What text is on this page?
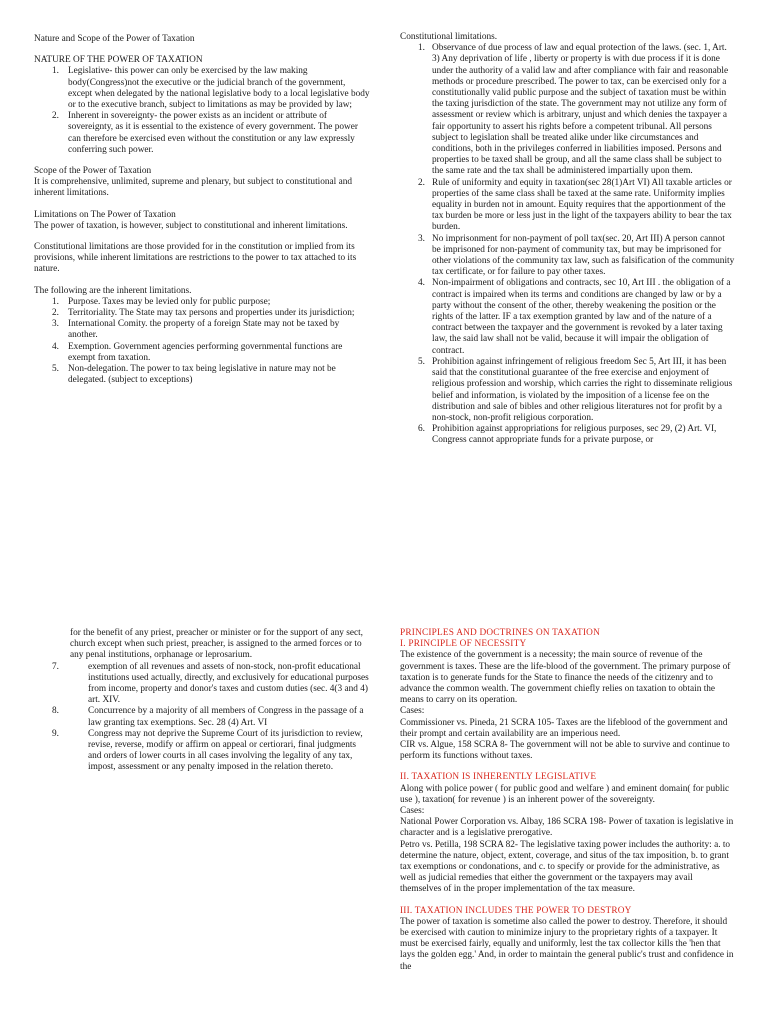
Nature and Scope of the Power of Taxation

NATURE OF THE POWER OF TAXATION

1. Legislative- this power can only be exercised by the law making body(Congress)not the executive or the judicial branch of the government, except when delegated by the national legislative body to a local legislative body or to the executive branch, subject to limitations as may be provided by law;
2. Inherent in sovereignty- the power exists as an incident or attribute of sovereignty, as it is essential to the existence of every government. The power can therefore be exercised even without the constitution or any law expressly conferring such power.

Scope of the Power of Taxation

It is comprehensive, unlimited, supreme and plenary, but subject to constitutional and inherent limitations.

Limitations on The Power of Taxation

The power of taxation, is however, subject to constitutional and inherent limitations.

Constitutional limitations are those provided for in the constitution or implied from its provisions, while inherent limitations are restrictions to the power to tax attached to its nature.

The following are the inherent limitations.

1. Purpose. Taxes may be levied only for public purpose;
2. Territoriality. The State may tax persons and properties under its jurisdiction;
3. International Comity. the property of a foreign State may not be taxed by another.
4. Exemption. Government agencies performing governmental functions are exempt from taxation.
5. Non-delegation. The power to tax being legislative in nature may not be delegated. (subject to exceptions)

Constitutional limitations.

1. Observance of due process of law and equal protection of the laws. (sec. 1, Art. 3) Any deprivation of life , liberty or property is with due process if it is done under the authority of a valid law and after compliance with fair and reasonable methods or procedure prescribed. The power to tax, can be exercised only for a constitutionally valid public purpose and the subject of taxation must be within the taxing jurisdiction of the state. The government may not utilize any form of assessment or review which is arbitrary, unjust and which denies the taxpayer a fair opportunity to assert his rights before a competent tribunal. All persons subject to legislation shall be treated alike under like circumstances and conditions, both in the privileges conferred in liabilities imposed. Persons and properties to be taxed shall be group, and all the same class shall be subject to the same rate and the tax shall be administered impartially upon them.
2. Rule of uniformity and equity in taxation(sec 28(1)Art VI) All taxable articles or properties of the same class shall be taxed at the same rate. Uniformity implies equality in burden not in amount. Equity requires that the apportionment of the tax burden be more or less just in the light of the taxpayers ability to bear the tax burden.
3. No imprisonment for non-payment of poll tax(sec. 20, Art III) A person cannot be imprisoned for non-payment of community tax, but may be imprisoned for other violations of the community tax law, such as falsification of the community tax certificate, or for failure to pay other taxes.
4. Non-impairment of obligations and contracts, sec 10, Art III . the obligation of a contract is impaired when its terms and conditions are changed by law or by a party without the consent of the other, thereby weakening the position or the rights of the latter. IF a tax exemption granted by law and of the nature of a contract between the taxpayer and the government is revoked by a later taxing law, the said law shall not be valid, because it will impair the obligation of contract.
5. Prohibition against infringement of religious freedom Sec 5, Art III, it has been said that the constitutional guarantee of the free exercise and enjoyment of religious profession and worship, which carries the right to disseminate religious belief and information, is violated by the imposition of a license fee on the distribution and sale of bibles and other religious literatures not for profit by a non-stock, non-profit religious corporation.
6. Prohibition against appropriations for religious purposes, sec 29, (2) Art. VI, Congress cannot appropriate funds for a private purpose, or

for the benefit of any priest, preacher or minister or for the support of any sect, church except when such priest, preacher, is assigned to the armed forces or to any penal institutions, orphanage or leprosarium.

7.	exemption of all revenues and assets of non-stock, non-profit educational institutions used actually, directly, and exclusively for educational purposes from income, property and donor's taxes and custom duties (sec. 4(3 and 4) art. XIV.
8.	Concurrence by a majority of all members of Congress in the passage of a law granting tax exemptions. Sec. 28 (4) Art. VI
9.	Congress may not deprive the Supreme Court of its jurisdiction to review, revise, reverse, modify or affirm on appeal or certiorari, final judgments and orders of lower courts in all cases involving the legality of any tax, impost, assessment or any penalty imposed in the relation thereto.

PRINCIPLES AND DOCTRINES ON TAXATION

I. PRINCIPLE OF NECESSITY

The existence of the government is a necessity; the main source of revenue of the government is taxes. These are the life-blood of the government. The primary purpose of taxation is to generate funds for the State to finance the needs of the citizenry and to advance the common wealth. The government chiefly relies on taxation to obtain the means to carry on its operation.

Cases:

Commissioner vs. Pineda, 21 SCRA 105- Taxes are the lifeblood of the government and their prompt and certain availability are an imperious need.

CIR vs. Algue, 158 SCRA 8- The government will not be able to survive and continue to perform its functions without taxes.

II. TAXATION IS INHERENTLY LEGISLATIVE

Along with police power ( for public good and welfare ) and eminent domain( for public use ), taxation( for revenue ) is an inherent power of the sovereignty.

Cases:

National Power Corporation vs. Albay, 186 SCRA 198- Power of taxation is legislative in character and is a legislative prerogative.

Petro vs. Petilla, 198 SCRA 82- The legislative taxing power includes the authority: a. to determine the nature, object, extent, coverage, and situs of the tax imposition, b. to grant tax exemptions or condonations, and c. to specify or provide for the administrative, as well as judicial remedies that either the government or the taxpayers may avail themselves of in the proper implementation of the tax measure.

III. TAXATION INCLUDES THE POWER TO DESTROY

The power of taxation is sometime also called the power to destroy. Therefore, it should be exercised with caution to minimize injury to the proprietary rights of a taxpayer. It must be exercised fairly, equally and uniformly, lest the tax collector kills the 'hen that lays the golden egg.' And, in order to maintain the general public's trust and confidence in the
